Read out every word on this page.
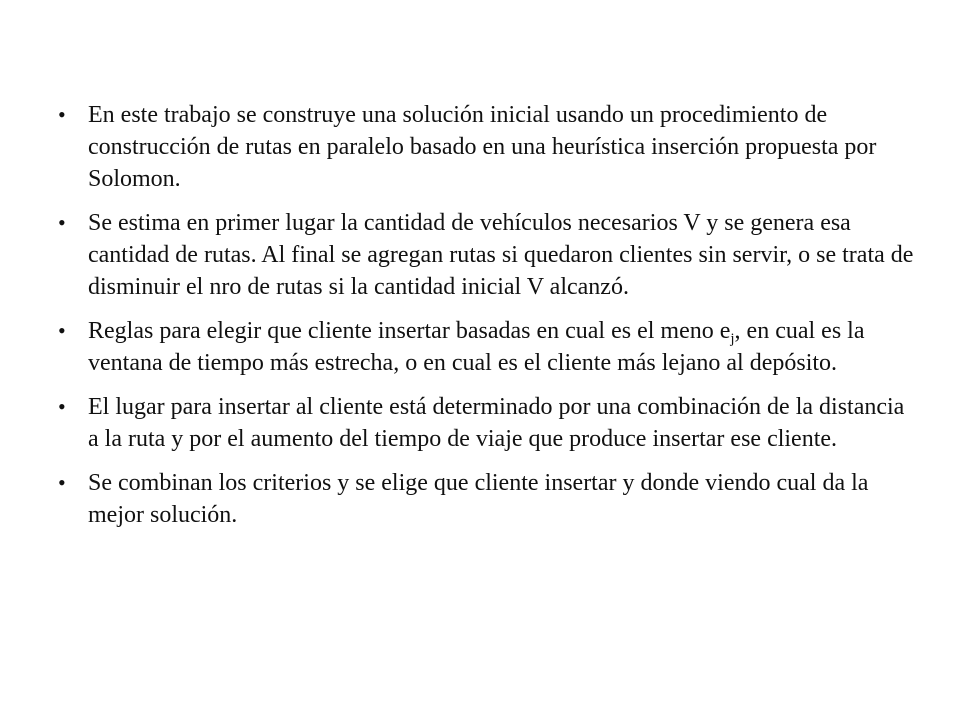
• En este trabajo se construye una solución inicial usando un procedimiento de construcción de rutas en paralelo basado en una heurística inserción propuesta por Solomon.
• Se estima en primer lugar la cantidad de vehículos necesarios V y se genera esa cantidad de rutas. Al final se agregan rutas si quedaron clientes sin servir, o se trata de disminuir el nro de rutas si la cantidad inicial V alcanzó.
• Reglas para elegir que cliente insertar basadas en cual es el meno $e_j$, en cual es la ventana de tiempo más estrecha, o en cual es el cliente más lejano al depósito.
• El lugar para insertar al cliente está determinado por una combinación de la distancia a la ruta y por el aumento del tiempo de viaje que produce insertar ese cliente.
• Se combinan los criterios y se elige que cliente insertar y donde viendo cual da la mejor solución.
